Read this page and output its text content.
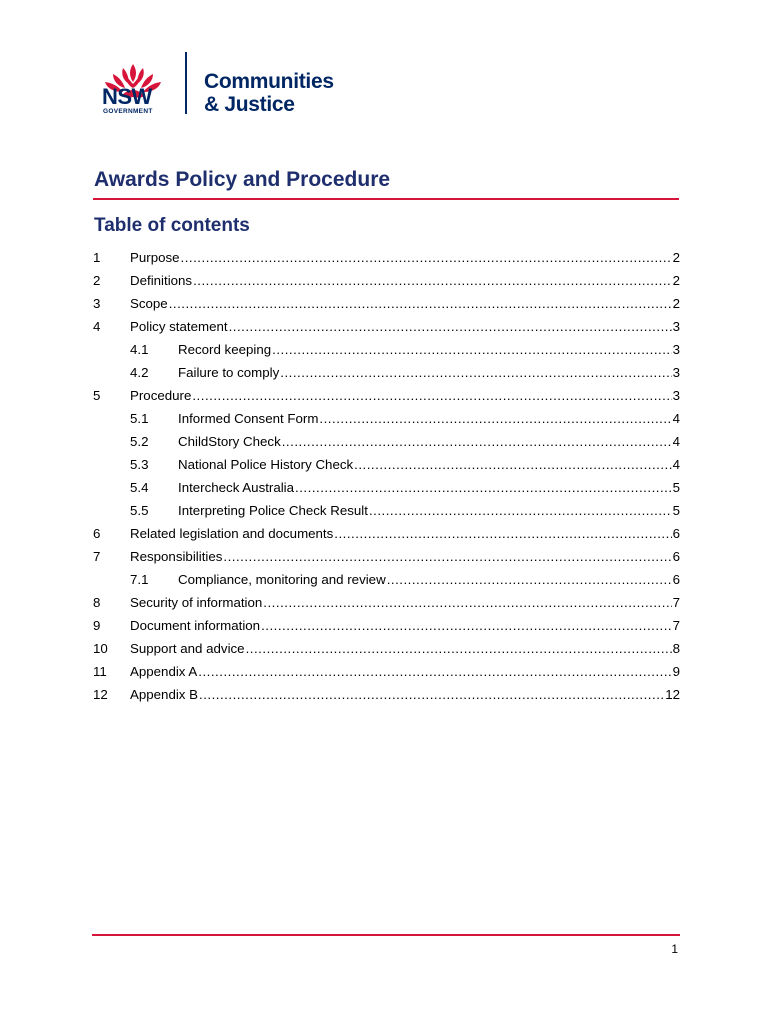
NSW
GOVERNMENT
Communities
& Justice
Awards Policy and Procedure
Table of contents
1 Purpose .....	2
2 Definitions .....	2
3 Scope .....	2
4 Policy statement .....	3
4.1 Record keeping .....	3
4.2 Failure to comply .....	3
5 Procedure .....	3
5.1 Informed Consent Form .....	4
5.2 ChildStory Check .....	4
5.3 National Police History Check .....	4
5.4 Intercheck Australia .....	5
5.5 Interpreting Police Check Result .....	5
6 Related legislation and documents .....	6
7 Responsibilities .....	6
7.1 Compliance, monitoring and review .....	6
8 Security of information .....	7
9 Document information .....	7
10 Support and advice .....	8
11 Appendix A .....	9
12 Appendix B .....	12
1
